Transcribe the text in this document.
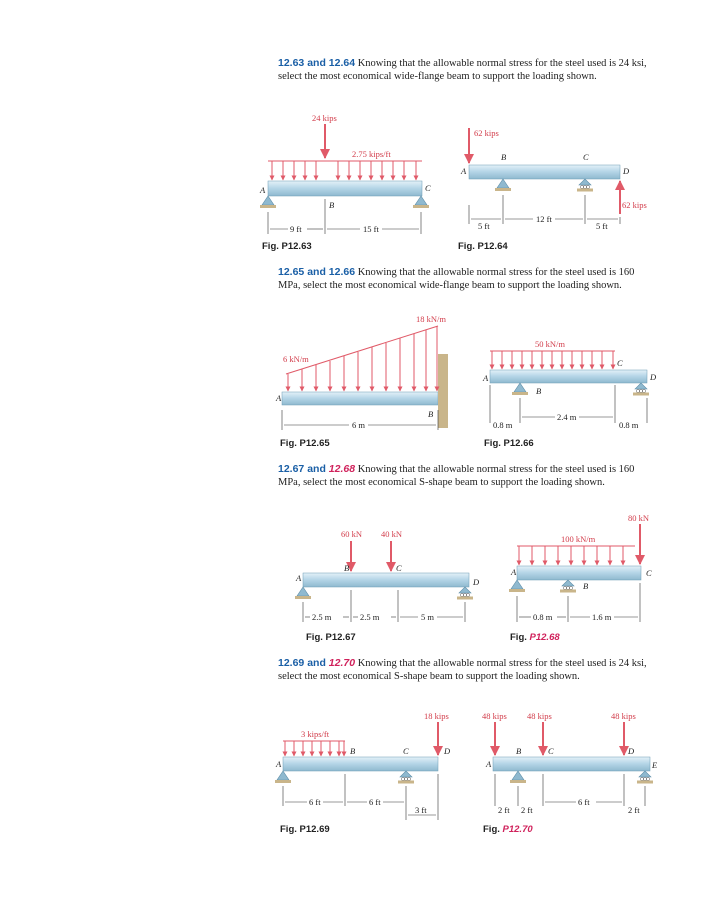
12.63 and 12.64 Knowing that the allowable normal stress for the steel used is 24 ksi, select the most economical wide-flange beam to support the loading shown.
12.65 and 12.66 Knowing that the allowable normal stress for the steel used is 160 MPa, select the most economical wide-flange beam to support the loading shown.
12.67 and 12.68 Knowing that the allowable normal stress for the steel used is 160 MPa, select the most economical S-shape beam to support the loading shown.
12.69 and 12.70 Knowing that the allowable normal stress for the steel used is 24 ksi, select the most economical S-shape beam to support the loading shown.
Fig. P12.63	Fig. P12.64
Fig. P12.65	Fig. P12.66
Fig. P12.67	Fig. P12.68
Fig. P12.69	Fig. P12.70
24 kips
2.75 kips/ft
A
B
C
9 ft	15 ft
62 kips
62 kips
A
B	C
D
5 ft
12 ft
5 ft
18 kN/m
6 kN/m
A
B
6 m
50 kN/m
A
B
C
D
0.8 m
2.4 m
0.8 m
60 kN 40 kN
A
B	C
D
2.5 m	2.5 m	5 m
80 kN
100 kN/m
A
B
C
0.8 m	1.6 m
18 kips
3 kips/ft
A
B	C	D
6 ft	6 ft
3 ft
48 kips 48 kips	48 kips
A
B	C	D
E
2 ft 2 ft
6 ft
2 ft
